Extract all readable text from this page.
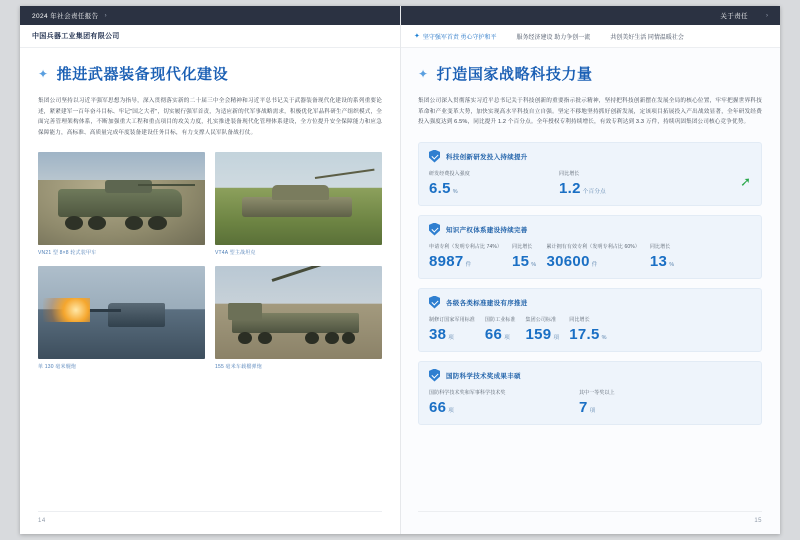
2024 年社会责任报告 ›
中国兵器工业集团有限公司
✦ 推进武器装备现代化建设

集团公司坚持以习近平强军思想为指导，深入贯彻落实新的二十届三中全会精神和习近平总书记关于武器装备现代化建设的系列重要论述，紧紧建军一百年奋斗目标、牢记"国之大者"，切实履行强军首责，为适应新的代军事战略需求，积极优化军品科研生产组织模式，全面完善管理架构体系，不断加强重大工程和重点项目的攻关力度，扎实推进装备现代化管理体系建设，全方位提升安全保障能力和应急保障能力，高标准、高质量完成年度装备建设任务目标，有力支撑人民军队备战打仗。

VN21 型 8×8 轮式装甲车	VT4A 型主战坦克
单 130 毫米舰炮	155 毫米车载榴弹炮
14
关于责任	›
✦ 坚守强军首责 勇心守护和平	服务经济建设 助力争创一流	共创美好生活 同情温暖社会
✦ 打造国家战略科技力量

集团公司深入贯彻落实习近平总书记关于科技创新的重要指示批示精神，坚持把科技创新摆在发展全局的核心位置，牢牢把握世界科技革命和产业变革大势，加快实现高水平科技自立自强。坚定不移地坚持抓好创新发展，定该项目拓展投入产出战效显著，全年研发经费投入强度达到 6.5%，同比提升 1.2 个百分点。全年授权专利持续增长，有效专利达到 3.3 万件，持续巩固集团公司核心竞争优势。

科技创新研发投入持续提升
研发经费投入强度
6.5 %
同比增长
1.2 个百分点
➚
知识产权体系建设持续完善
申请专利（发明专利占比 74%）
8987 件
同比增长
15 %
累计拥有有效专利（发明专利占比 60%）
30600 件
同比增长
13 %
各级各类标准建设有序推进
制修订国家军用标准
38 项
国防工业标准
66 项
集团公司标准
159 项
同比增长
17.5 %
国防科学技术奖成果丰硕
国防科学技术奖和军事科学技术奖
66 项
其中一等奖以上
7 项
15
